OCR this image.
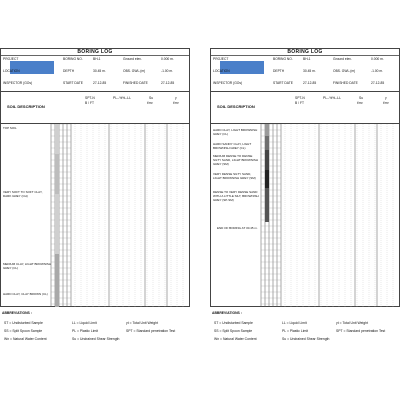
BORING LOG
PROJECT
LOCATION
INSPECTOR (GOs)
BORING NO.	BH-1
DEPTH	30.45 m.
START DATE	27-12-85
Ground elev.	0.000 m.
OBS. GWL.(m)	-1.00 m.
FINISHED DATE	27-12-85
SOIL DESCRIPTION
SPT-N
B / FT
PL--%%--LL	Su
t/m²
γ
t/m³
TOP SOIL
VERY SOFT TO SOFT CLAY, DARK GREY (CH)
MEDIUM CLAY, LIGHT BROWNISH GREY (CL)
HARD CLAY, CLAY BROWN (CL)
ABBREVIATIONS :
ST = Undisturbed Sample	LL = Liquid Limit	γt = Total Unit Weight
SS = Split Spoon Sample	PL = Plastic Limit	SPT = Standard penetration Test
Wn = Natural Water Content	Su = Undrained Shear Strength
BORING LOG
PROJECT
LOCATION
INSPECTOR (GOs)
BORING NO.	BH-1
DEPTH	30.45 m.
START DATE	27-12-85
Ground elev.	0.000 m.
OBS. GWL.(m)	-1.00 m.
FINISHED DATE	27-12-85
SOIL DESCRIPTION
SPT-N
B / FT
PL--%%--LL	Su
t/m²
γ
t/m³
HARD CLAY, LIGHT BROWNISH GREY (CL)
HARD SANDY CLAY, LIGHT BROWNISH GREY (CL)
MEDIUM DENSE TO DENSE SILTY SAND, LIGHT BROWNISH GREY (SM)
VERY DENSE SILTY SAND, LIGHT BROWNISH GREY (SM)
DENSE TO VERY DENSE SAND WITH A LITTLE SILT, BROWNISH GREY (SP-SM)
END OF BORING AT 30.45 m.
ABBREVIATIONS :
ST = Undisturbed Sample	LL = Liquid Limit	γt = Total Unit Weight
SS = Split Spoon Sample	PL = Plastic Limit	SPT = Standard penetration Test
Wn = Natural Water Content	Su = Undrained Shear Strength
